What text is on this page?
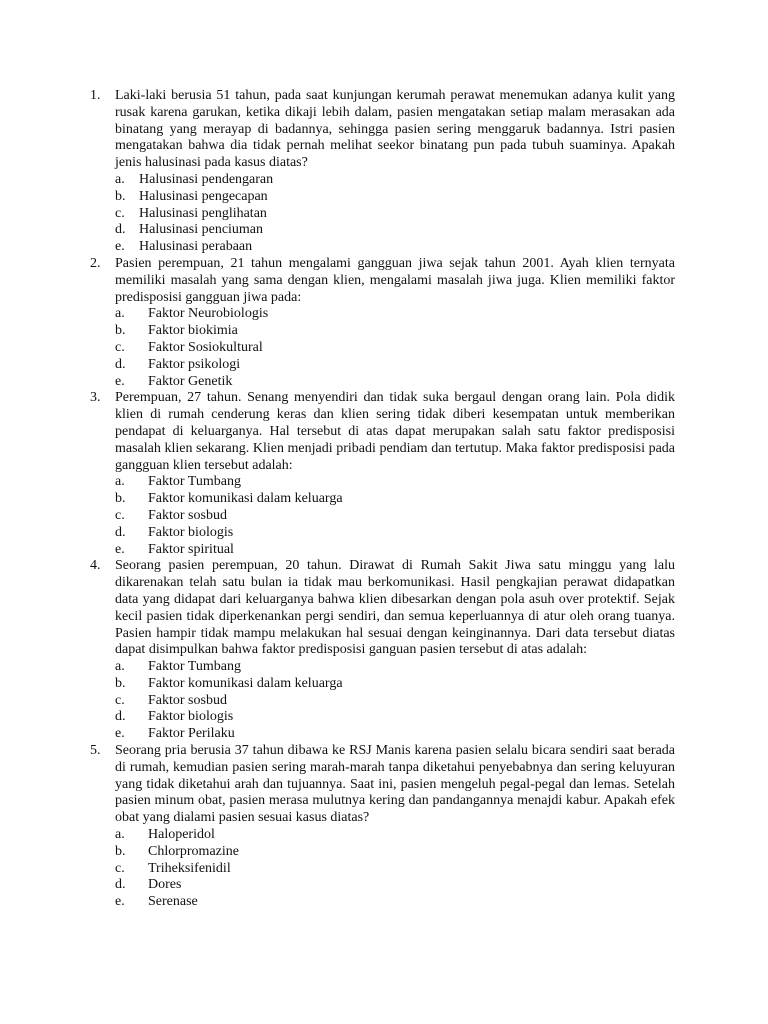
1.	Laki-laki berusia 51 tahun, pada saat kunjungan kerumah perawat menemukan adanya kulit yang rusak karena garukan, ketika dikaji lebih dalam, pasien mengatakan setiap malam merasakan ada binatang yang merayap di badannya, sehingga pasien sering menggaruk badannya. Istri pasien mengatakan bahwa dia tidak pernah melihat seekor binatang pun pada tubuh suaminya. Apakah jenis halusinasi pada kasus diatas?
a. Halusinasi pendengaran
b. Halusinasi pengecapan
c. Halusinasi penglihatan
d. Halusinasi penciuman
e. Halusinasi perabaan
2.	Pasien perempuan, 21 tahun mengalami gangguan jiwa sejak tahun 2001. Ayah klien ternyata memiliki masalah yang sama dengan klien, mengalami masalah jiwa juga. Klien memiliki faktor predisposisi gangguan jiwa pada:
a. Faktor Neurobiologis
b. Faktor biokimia
c. Faktor Sosiokultural
d. Faktor psikologi
e. Faktor Genetik
3.	Perempuan, 27 tahun. Senang menyendiri dan tidak suka bergaul dengan orang lain. Pola didik klien di rumah cenderung keras dan klien sering tidak diberi kesempatan untuk memberikan pendapat di keluarganya. Hal tersebut di atas dapat merupakan salah satu faktor predisposisi masalah klien sekarang. Klien menjadi pribadi pendiam dan tertutup. Maka faktor predisposisi pada gangguan klien tersebut adalah:
a. Faktor Tumbang
b. Faktor komunikasi dalam keluarga
c. Faktor sosbud
d. Faktor biologis
e. Faktor spiritual
4.	Seorang pasien perempuan, 20 tahun. Dirawat di Rumah Sakit Jiwa satu minggu yang lalu dikarenakan telah satu bulan ia tidak mau berkomunikasi. Hasil pengkajian perawat didapatkan data yang didapat dari keluarganya bahwa klien dibesarkan dengan pola asuh over protektif. Sejak kecil pasien tidak diperkenankan pergi sendiri, dan semua keperluannya di atur oleh orang tuanya. Pasien hampir tidak mampu melakukan hal sesuai dengan keinginannya. Dari data tersebut diatas dapat disimpulkan bahwa faktor predisposisi ganguan pasien tersebut di atas adalah:
a. Faktor Tumbang
b. Faktor komunikasi dalam keluarga
c. Faktor sosbud
d. Faktor biologis
e. Faktor Perilaku
5.	Seorang pria berusia 37 tahun dibawa ke RSJ Manis karena pasien selalu bicara sendiri saat berada di rumah, kemudian pasien sering marah-marah tanpa diketahui penyebabnya dan sering keluyuran yang tidak diketahui arah dan tujuannya. Saat ini, pasien mengeluh pegal-pegal dan lemas. Setelah pasien minum obat, pasien merasa mulutnya kering dan pandangannya menajdi kabur. Apakah efek obat yang dialami pasien sesuai kasus diatas?
a. Haloperidol
b. Chlorpromazine
c. Triheksifenidil
d. Dores
e. Serenase
